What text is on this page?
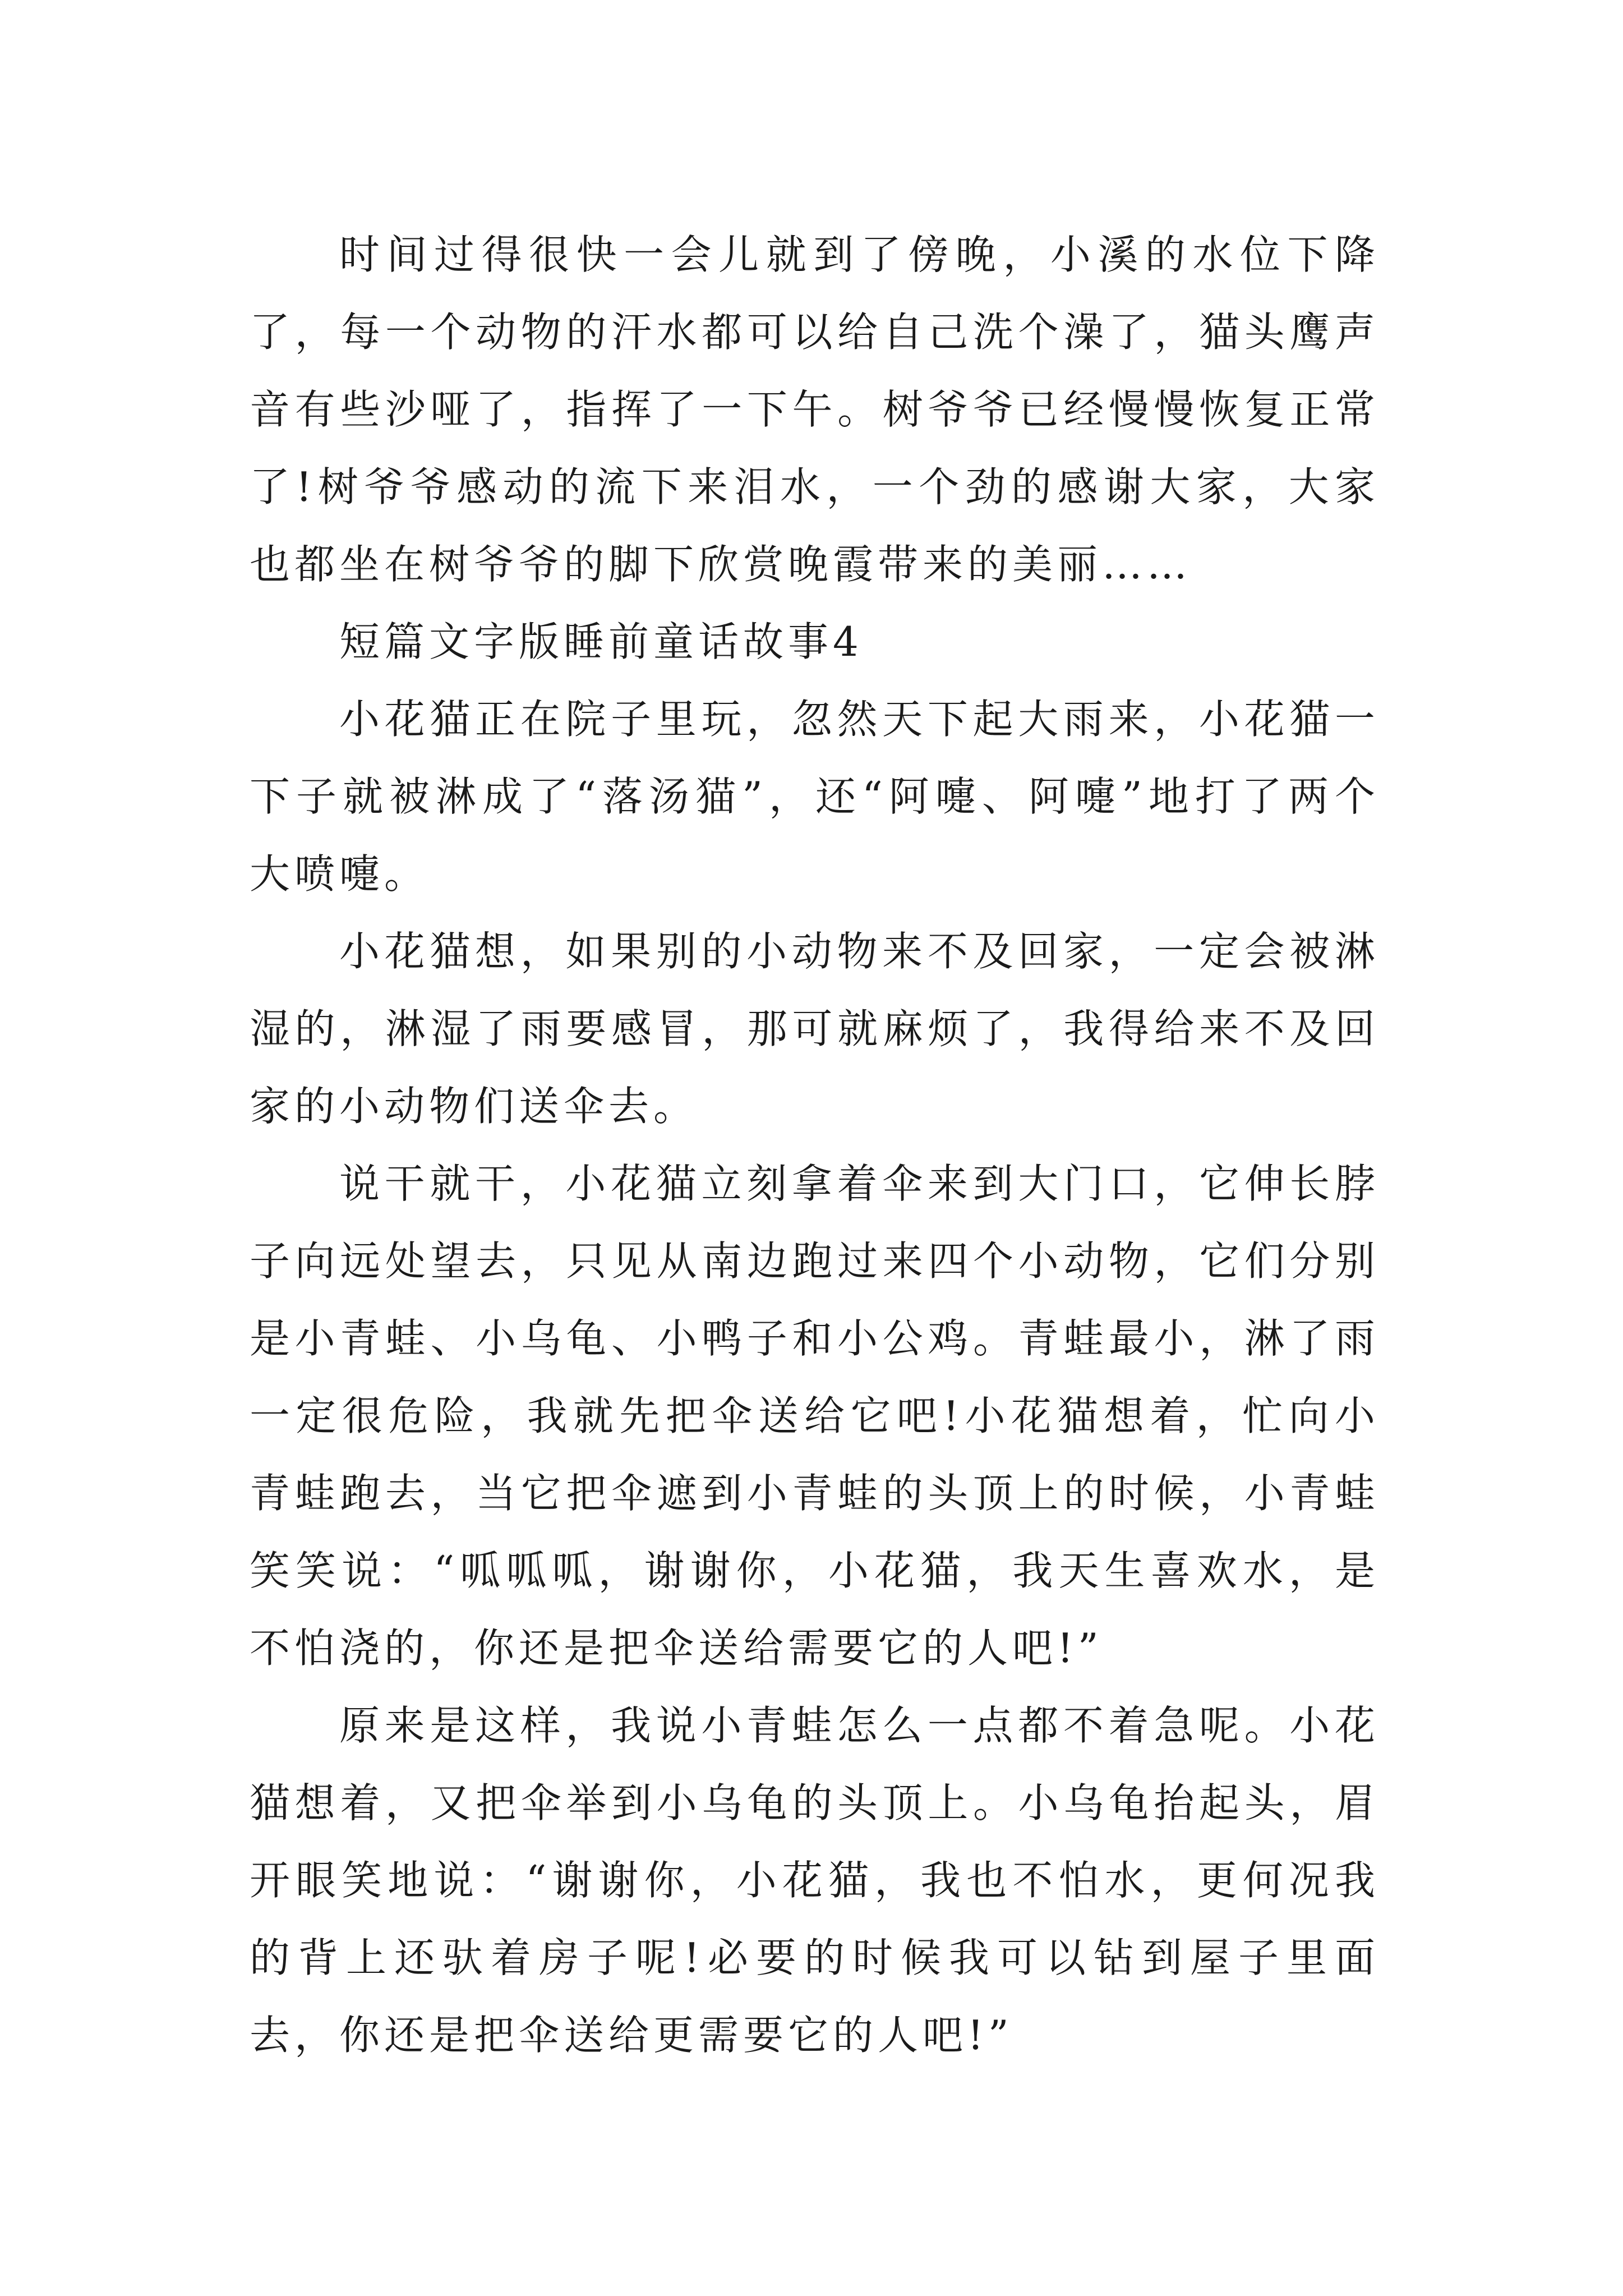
时间过得很快一会儿就到了傍晚，小溪的水位下降了，每一个动物的汗水都可以给自己洗个澡了，猫头鹰声音有些沙哑了，指挥了一下午。树爷爷已经慢慢恢复正常了!树爷爷感动的流下来泪水，一个劲的感谢大家，大家也都坐在树爷爷的脚下欣赏晚霞带来的美丽……

短篇文字版睡前童话故事4

小花猫正在院子里玩，忽然天下起大雨来，小花猫一下子就被淋成了“落汤猫”，还“阿嚏、阿嚏”地打了两个大喷嚏。

小花猫想，如果别的小动物来不及回家，一定会被淋湿的，淋湿了雨要感冒，那可就麻烦了，我得给来不及回家的小动物们送伞去。

说干就干，小花猫立刻拿着伞来到大门口，它伸长脖子向远处望去，只见从南边跑过来四个小动物，它们分别是小青蛙、小乌龟、小鸭子和小公鸡。青蛙最小，淋了雨一定很危险，我就先把伞送给它吧!小花猫想着，忙向小青蛙跑去，当它把伞遮到小青蛙的头顶上的时候，小青蛙笑笑说：“呱呱呱，谢谢你，小花猫，我天生喜欢水，是不怕浇的，你还是把伞送给需要它的人吧!”

原来是这样，我说小青蛙怎么一点都不着急呢。小花猫想着，又把伞举到小乌龟的头顶上。小乌龟抬起头，眉开眼笑地说：“谢谢你，小花猫，我也不怕水，更何况我的背上还驮着房子呢!必要的时候我可以钻到屋子里面去，你还是把伞送给更需要它的人吧!”
